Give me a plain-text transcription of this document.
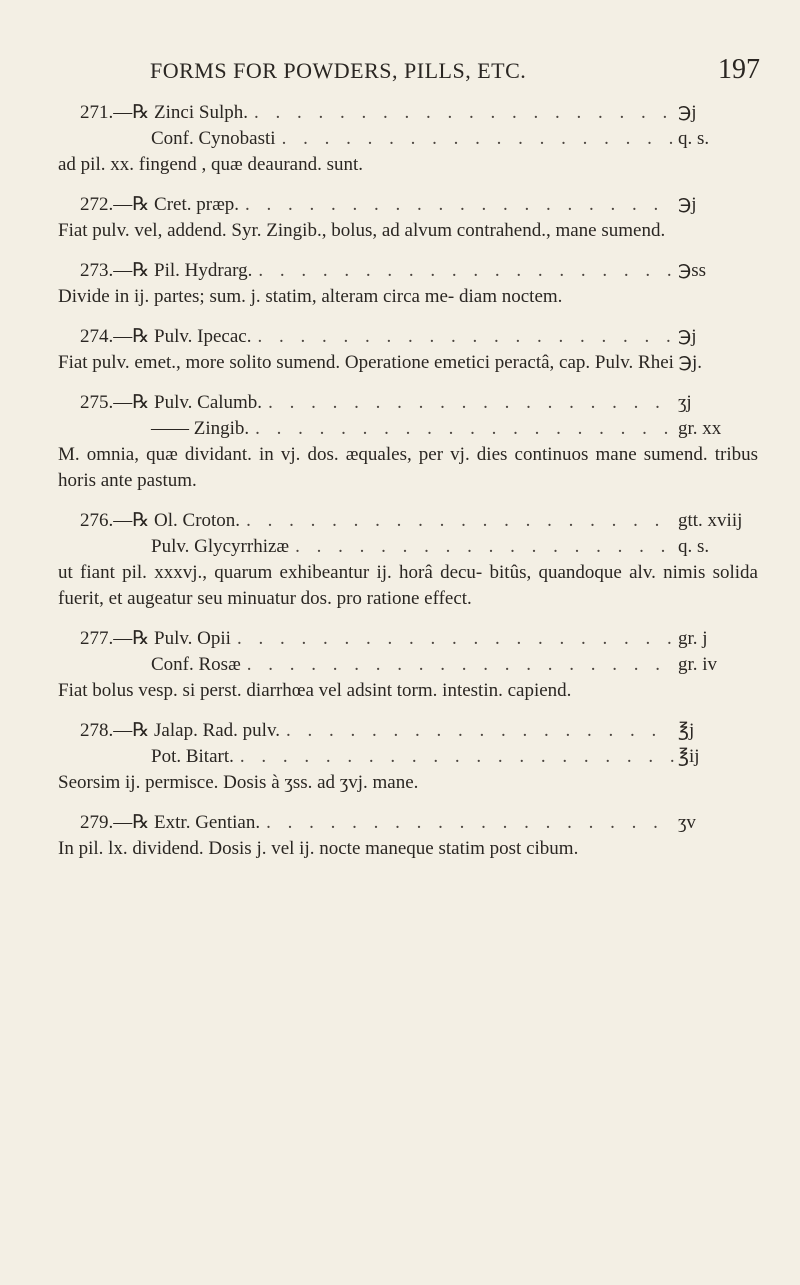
FORMS FOR POWDERS, PILLS, ETC.	197
271.— ℞ Zinci Sulph. . . .	℈j
Conf. Cynobasti . . .	q. s.
ad pil. xx. fingend , quæ deaurand. sunt.
272.— ℞ Cret. præp. . . .	℈j
Fiat pulv. vel, addend. Syr. Zingib., bolus, ad alvum contrahend., mane sumend.
273.— ℞ Pil. Hydrarg. . . .	℈ss
Divide in ij. partes; sum. j. statim, alteram circa me- diam noctem.
274.— ℞ Pulv. Ipecac. . . .	℈j
Fiat pulv. emet., more solito sumend. Operatione emetici peractâ, cap. Pulv. Rhei ℈j.
275.— ℞ Pulv. Calumb. . . .	ʒj
—— Zingib. . . .	gr. xx
M. omnia, quæ dividant. in vj. dos. æquales, per vj. dies continuos mane sumend. tribus horis ante pastum.
276.— ℞ Ol. Croton. . . .	gtt. xviij
Pulv. Glycyrrhizæ . . .	q. s.
ut fiant pil. xxxvj., quarum exhibeantur ij. horâ decu- bitûs, quandoque alv. nimis solida fuerit, et augeatur seu minuatur dos. pro ratione effect.
277.— ℞ Pulv. Opii . . .	gr. j
Conf. Rosæ . . .	gr. iv
Fiat bolus vesp. si perst. diarrhœa vel adsint torm. intestin. capiend.
278.— ℞ Jalap. Rad. pulv. . . .	℥j
Pot. Bitart. . . .	℥ij
Seorsim ij. permisce. Dosis à ʒss. ad ʒvj. mane.
279.— ℞ Extr. Gentian. . . .	ʒv
In pil. lx. dividend. Dosis j. vel ij. nocte maneque statim post cibum.
